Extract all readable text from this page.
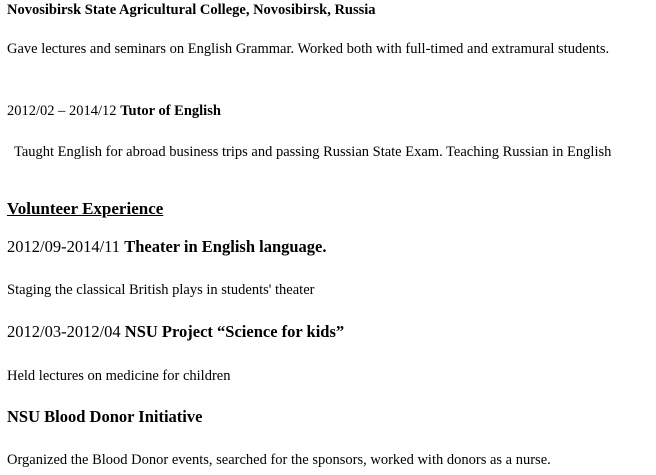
Novosibirsk State Agricultural College, Novosibirsk, Russia
Gave lectures and seminars on English Grammar. Worked both with full-timed and extramural students.
2012/02 – 2014/12 Tutor of English
Taught English for abroad business trips and passing Russian State Exam. Teaching Russian in English
Volunteer Experience
2012/09-2014/11 Theater in English language.
Staging the classical British plays in students' theater
2012/03-2012/04 NSU Project “Science for kids”
Held lectures on medicine for children
NSU Blood Donor Initiative
Organized the Blood Donor events, searched for the sponsors, worked with donors as a nurse.
